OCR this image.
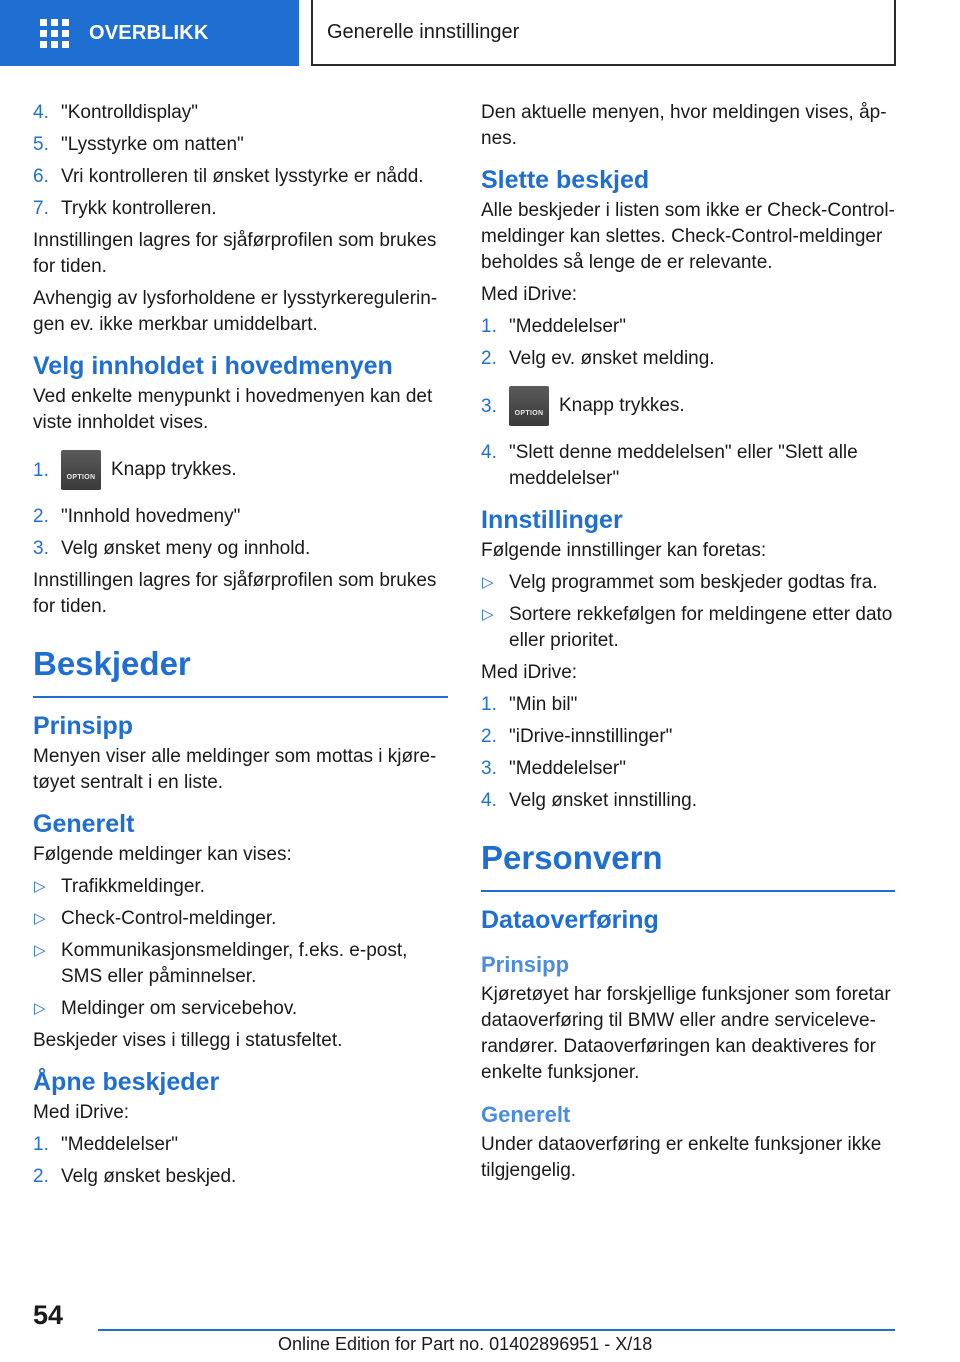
OVERBLIKK	Generelle innstillinger
4. "Kontrolldisplay"
5. "Lysstyrke om natten"
6. Vri kontrolleren til ønsket lysstyrke er nådd.
7. Trykk kontrolleren.

Innstillingen lagres for sjåførprofilen som brukes for tiden.

Avhengig av lysforholdene er lysstyrkereguleringen ev. ikke merkbar umiddelbart.

Velg innholdet i hovedmenyen

Ved enkelte menypunkt i hovedmenyen kan det viste innholdet vises.

1.	OPTION Knapp trykkes.
2. "Innhold hovedmeny"
3. Velg ønsket meny og innhold.

Innstillingen lagres for sjåførprofilen som brukes for tiden.

Beskjeder
Prinsipp

Menyen viser alle meldinger som mottas i kjøretøyet sentralt i en liste.

Generelt

Følgende meldinger kan vises:

▷ Trafikkmeldinger.
▷ Check-Control-meldinger.
▷ Kommunikasjonsmeldinger, f.eks. e-post, SMS eller påminnelser.
▷ Meldinger om servicebehov.

Beskjeder vises i tillegg i statusfeltet.

Åpne beskjeder

Med iDrive:

1. "Meddelelser"
2. Velg ønsket beskjed.

Den aktuelle menyen, hvor meldingen vises, åpnes.

Slette beskjed

Alle beskjeder i listen som ikke er Check-Control-meldinger kan slettes. Check-Control-meldinger beholdes så lenge de er relevante.

Med iDrive:

1. "Meddelelser"
2. Velg ev. ønsket melding.
3.	OPTION Knapp trykkes.
4. "Slett denne meddelelsen" eller "Slett alle meddelelser"
Innstillinger

Følgende innstillinger kan foretas:

▷ Velg programmet som beskjeder godtas fra.
▷ Sortere rekkefølgen for meldingene etter dato eller prioritet.

Med iDrive:

1. "Min bil"
2. "iDrive-innstillinger"
3. "Meddelelser"
4. Velg ønsket innstilling.
Personvern
Dataoverføring
Prinsipp

Kjøretøyet har forskjellige funksjoner som foretar dataoverføring til BMW eller andre serviceleverandører. Dataoverføringen kan deaktiveres for enkelte funksjoner.

Generelt

Under dataoverføring er enkelte funksjoner ikke tilgjengelig.

54
Online Edition for Part no. 01402896951 - X/18
